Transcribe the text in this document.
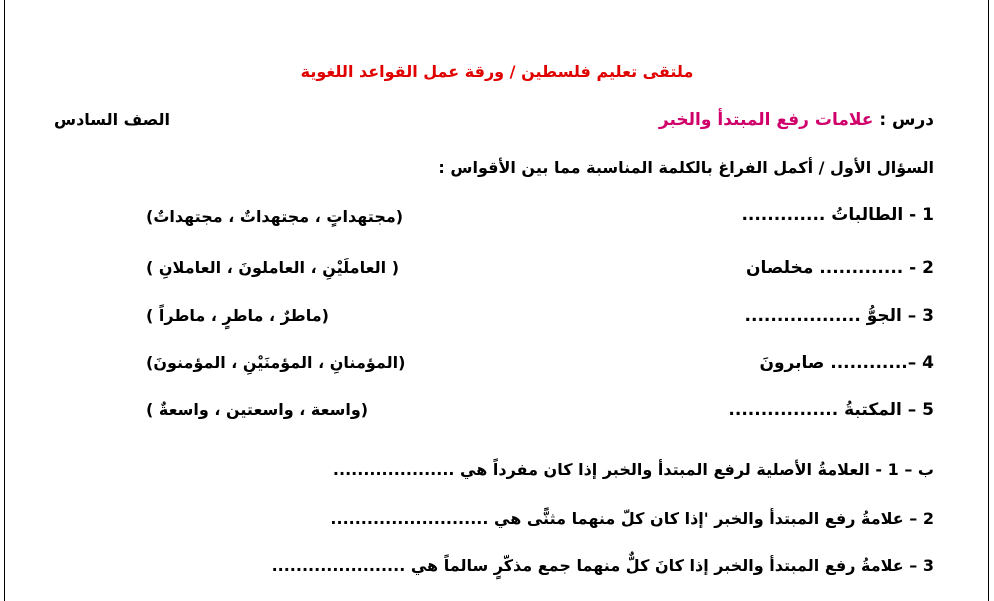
ملتقى تعليم فلسطين / ورقة عمل القواعد اللغوية
درس : علامات رفع المبتدأ والخبر
الصف السادس
السؤال الأول / أكمل الفراغ بالكلمة المناسبة مما بين الأقواس :
1 - الطالباتُ .............
(مجتهداتٍ ، مجتهداتٌ ، مجتهداتٌ)
2 - ............. مخلصان
( العاملَيْنِ ، العاملونَ ، العاملانِ )
3 – الجوُّ ..................
(ماطرٌ ، ماطرٍ ، ماطراً )
4 –............ صابرونَ
(المؤمنانِ ، المؤمنَيْنِ ، المؤمنونَ)
5 – المكتبةُ .................
(واسعة ، واسعتين ، واسعةٌ )
ب – 1 - العلامةُ الأصلية لرفع المبتدأ والخبر إذا كان مفرداً هي ....................
2 – علامةُ رفع المبتدأ والخبر 'إذا كان كلّ منهما مثنًّى هي ..........................
3 – علامةُ رفع المبتدأ والخبر إذا كانَ كلٌّ منهما جمع مذكّرٍ سالماً هي ......................
